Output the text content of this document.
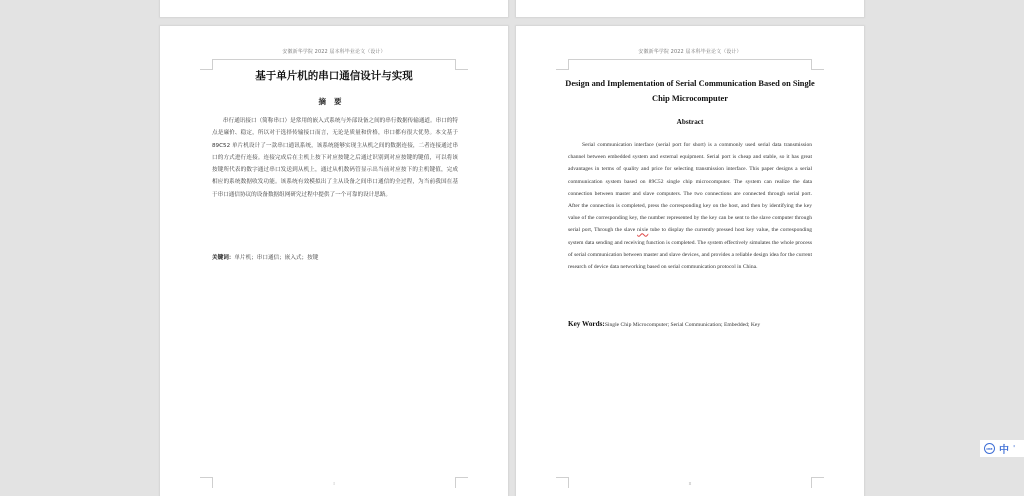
安徽新华学院 2022 届本科毕业论文（设计）
基于单片机的串口通信设计与实现
摘要
串行通讯接口（简称串口）是常用的嵌入式系统与外部设备之间的串行数据传输通道。串口的特点是廉价、稳定，所以对于选择传输接口而言，无论是质量和价格，串口都有很大优势。本文基于 89C52 单片机设计了一款串口通讯系统，该系统能够实现主从机之间的数据连接，二者连接通过串口的方式进行连接。连接完成后在主机上按下对应按键之后通过识别到对应按键的键值，可以将该按键所代表的数字通过串口发送到从机上，通过从机数码管显示出当前对应按下的主机键值，完成相应的系统数据收发功能。该系统有效模拟出了主从设备之间串口通信的全过程，为当前我国在基于串口通信协议的设备数据组网研究过程中提供了一个可靠的设计思路。
关键词：单片机；串口通信；嵌入式；按键
I
安徽新华学院 2022 届本科毕业论文（设计）
Design and Implementation of Serial Communication Based on Single Chip Microcomputer
Abstract
Serial communication interface (serial port for short) is a commonly used serial data transmission channel between embedded system and external equipment. Serial port is cheap and stable, so it has great advantages in terms of quality and price for selecting transmission interface. This paper designs a serial communication system based on 89C52 single chip microcomputer. The system can realize the data connection between master and slave computers. The two connections are connected through serial port. After the connection is completed, press the corresponding key on the host, and then by identifying the key value of the corresponding key, the number represented by the key can be sent to the slave computer through serial port, Through the slave nixie tube to display the currently pressed host key value, the corresponding system data sending and receiving function is completed. The system effectively simulates the whole process of serial communication between master and slave devices, and provides a reliable design idea for the current research of device data networking based on serial communication protocol in China.
Key Words:Single Chip Microcomputer; Serial Communication; Embedded; Key
II
IME 中 '
